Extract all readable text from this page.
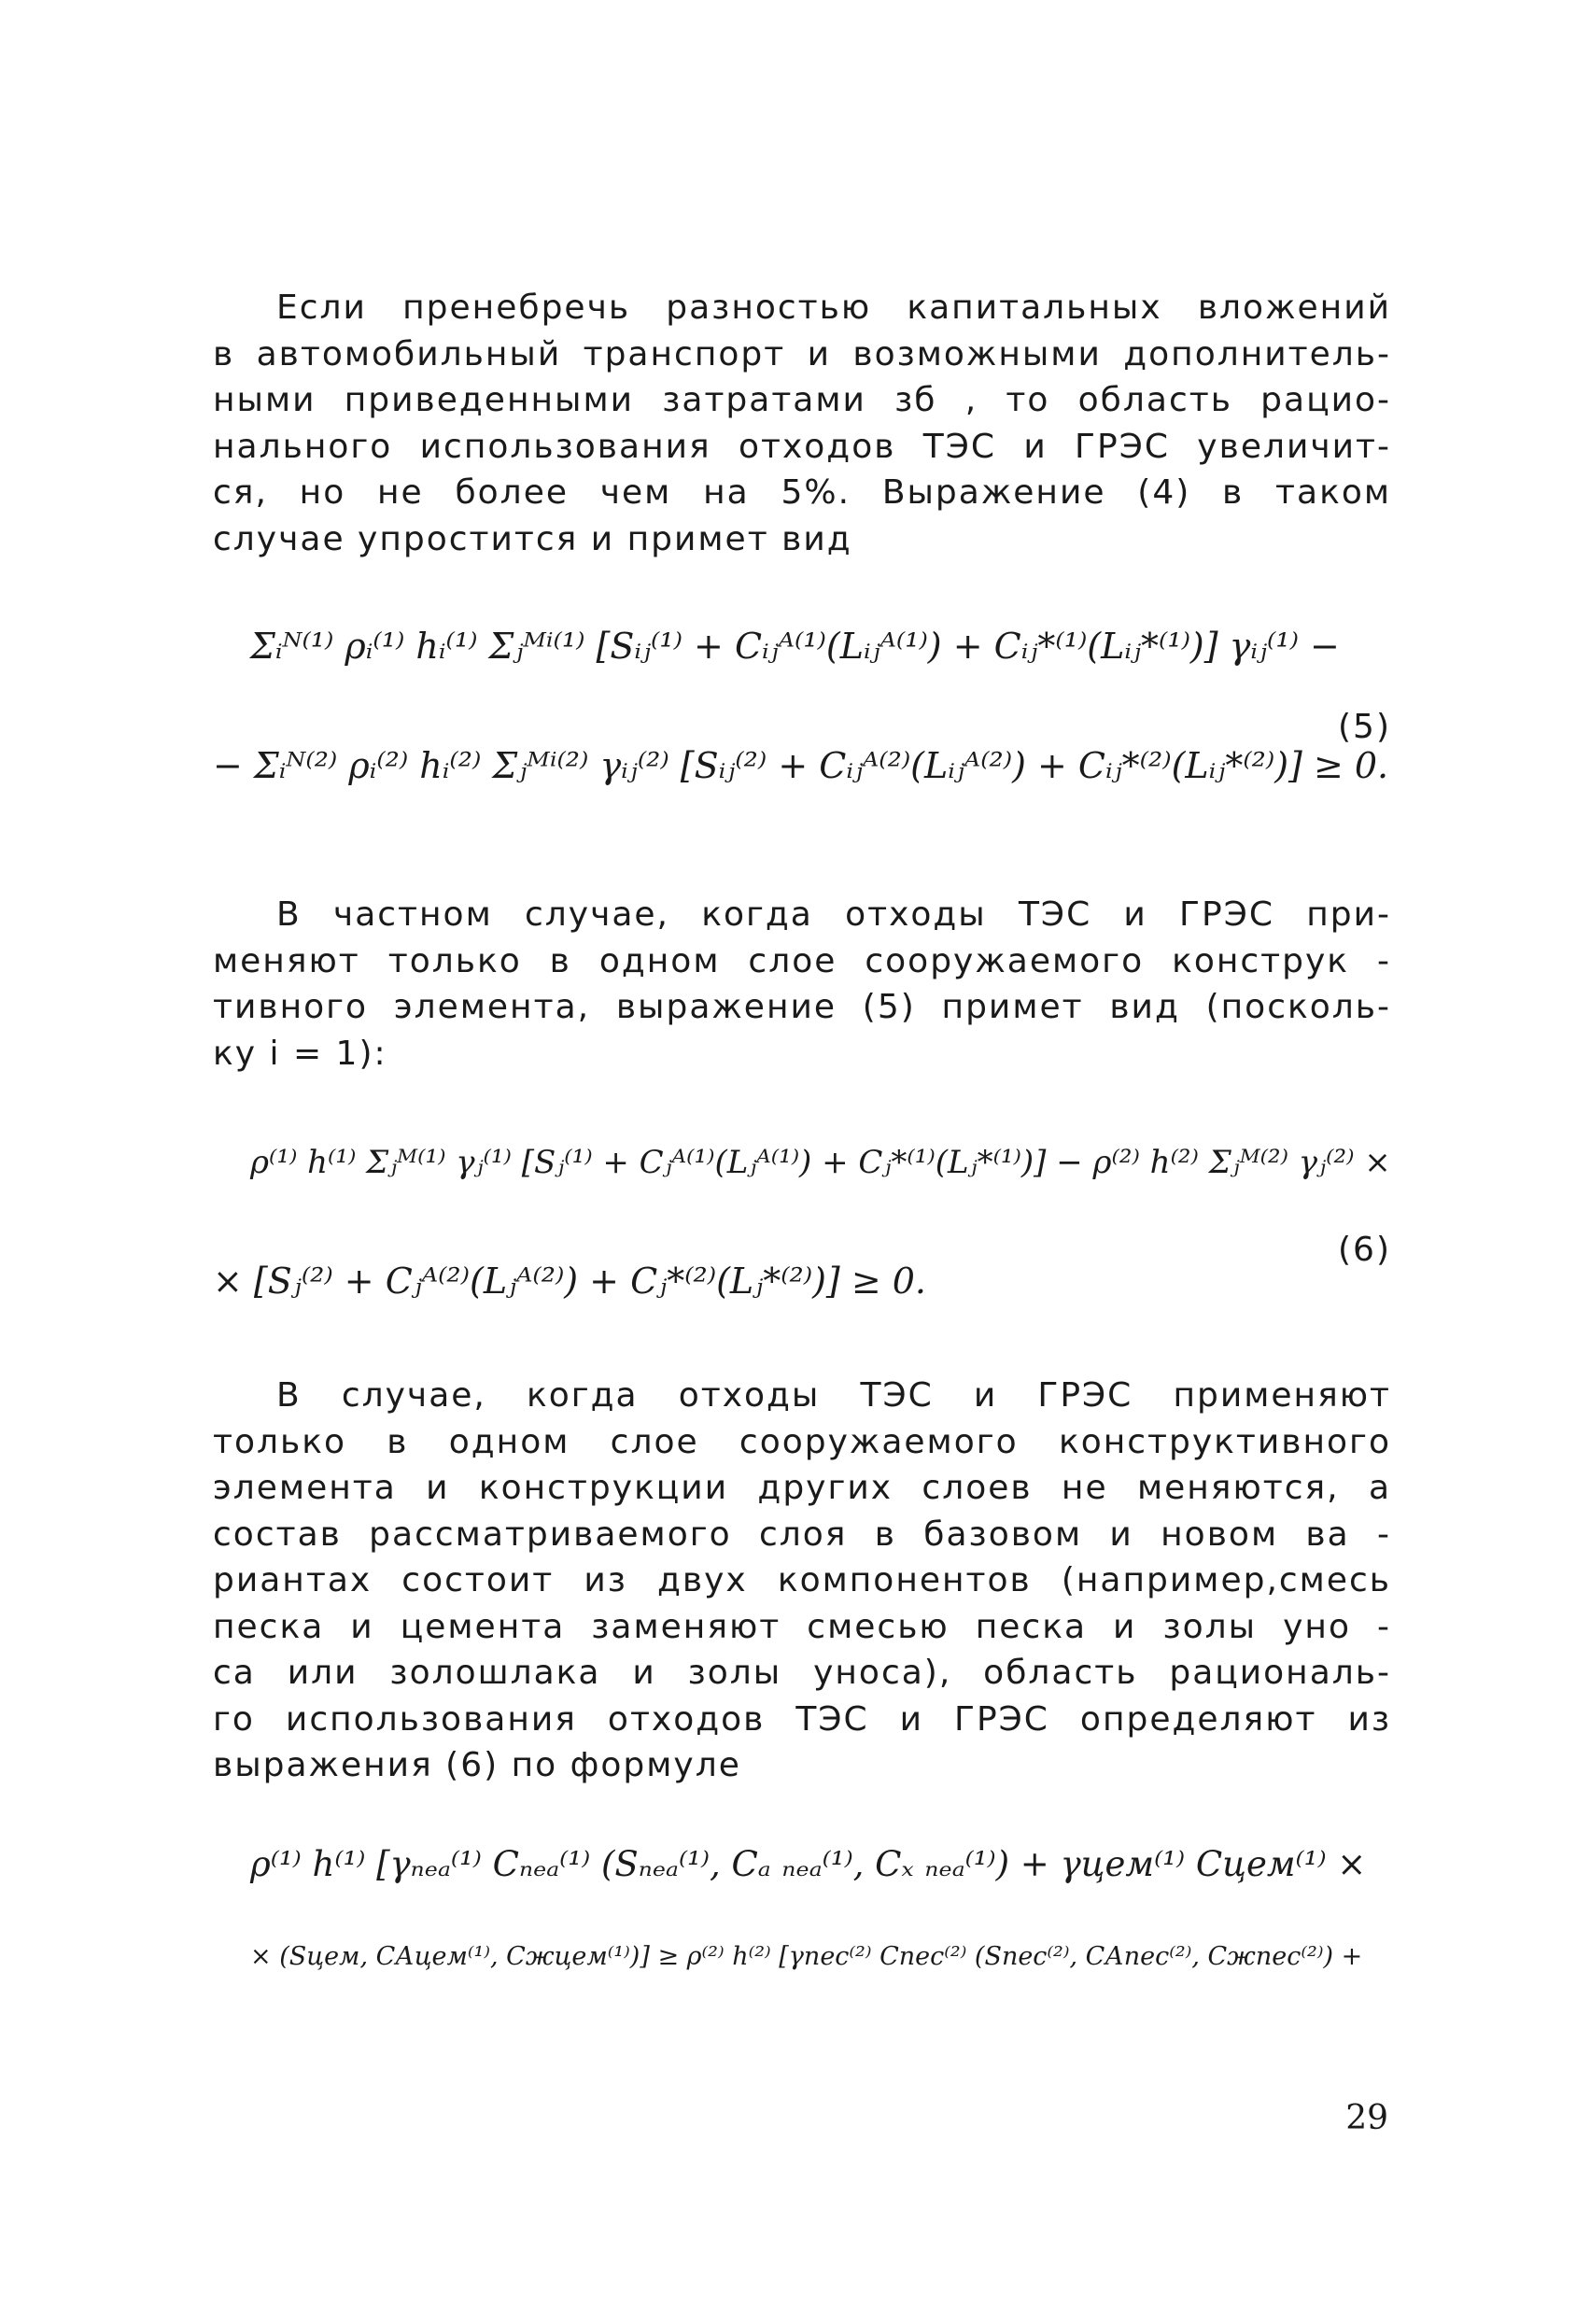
Если пренебречь разностью капитальных вложений
в автомобильный транспорт и возможными дополнитель-
ными приведенными затратами зб , то область рацио-
нального использования отходов ТЭС и ГРЭС увеличит-
ся, но не более чем на 5%. Выражение (4) в таком
случае упростится и примет вид
Σᵢᴺ⁽¹⁾ ρᵢ⁽¹⁾ hᵢ⁽¹⁾ Σⱼᴹⁱ⁽¹⁾ [Sᵢⱼ⁽¹⁾ + Cᵢⱼᴬ⁽¹⁾(Lᵢⱼᴬ⁽¹⁾) + Cᵢⱼ*⁽¹⁾(Lᵢⱼ*⁽¹⁾)] γᵢⱼ⁽¹⁾ −
− Σᵢᴺ⁽²⁾ ρᵢ⁽²⁾ hᵢ⁽²⁾ Σⱼᴹⁱ⁽²⁾ γᵢⱼ⁽²⁾ [Sᵢⱼ⁽²⁾ + Cᵢⱼᴬ⁽²⁾(Lᵢⱼᴬ⁽²⁾) + Cᵢⱼ*⁽²⁾(Lᵢⱼ*⁽²⁾)] ≥ 0.
(5)
В частном случае, когда отходы ТЭС и ГРЭС при-
меняют только в одном слое сооружаемого конструк -
тивного элемента, выражение (5) примет вид (посколь-
ку i = 1):
ρ⁽¹⁾ h⁽¹⁾ Σⱼᴹ⁽¹⁾ γⱼ⁽¹⁾ [Sⱼ⁽¹⁾ + Cⱼᴬ⁽¹⁾(Lⱼᴬ⁽¹⁾) + Cⱼ*⁽¹⁾(Lⱼ*⁽¹⁾)] − ρ⁽²⁾ h⁽²⁾ Σⱼᴹ⁽²⁾ γⱼ⁽²⁾ ×
× [Sⱼ⁽²⁾ + Cⱼᴬ⁽²⁾(Lⱼᴬ⁽²⁾) + Cⱼ*⁽²⁾(Lⱼ*⁽²⁾)] ≥ 0.
(6)
В случае, когда отходы ТЭС и ГРЭС применяют
только в одном слое сооружаемого конструктивного
элемента и конструкции других слоев не меняются, а
состав рассматриваемого слоя в базовом и новом ва -
риантах состоит из двух компонентов (например,смесь
песка и цемента заменяют смесью песка и золы уно -
са или золошлака и золы уноса), область рациональ-
го использования отходов ТЭС и ГРЭС определяют из
выражения (6) по формуле
ρ⁽¹⁾ h⁽¹⁾ [γₙₑₐ⁽¹⁾ Cₙₑₐ⁽¹⁾ (Sₙₑₐ⁽¹⁾, Cₐ ₙₑₐ⁽¹⁾, Cₓ ₙₑₐ⁽¹⁾) + γцем⁽¹⁾ Cцем⁽¹⁾ ×
× (Sцем, CАцем⁽¹⁾, Cжцем⁽¹⁾)] ≥ ρ⁽²⁾ h⁽²⁾ [γпес⁽²⁾ Cпес⁽²⁾ (Sпес⁽²⁾, CАпес⁽²⁾, Cжпес⁽²⁾) +
29
